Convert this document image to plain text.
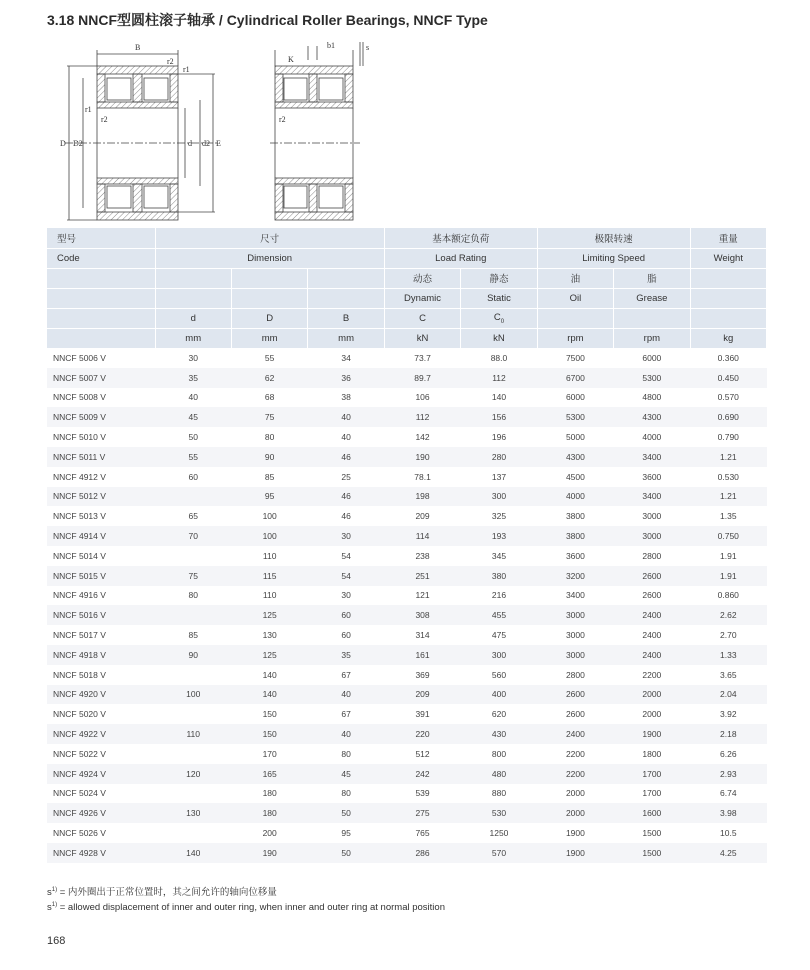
3.18 NNCF型圆柱滚子轴承 / Cylindrical Roller Bearings, NNCF Type
B
r2
r1
r1
r2
D D2	d d2 E
K
b1	s
r2
型号	尺寸			基本额定负荷		极限转速		重量
Code	Dimension			Load Rating		Limiting Speed		Weight
				动态	静态	油	脂	
				Dynamic	Static	Oil	Grease	
	d	D	B	C	$C_0$			
	mm	mm	mm	kN	kN	rpm	rpm	kg
NNCF 5006 V	30	55	34	73.7	88.0	7500	6000	0.360
NNCF 5007 V	35	62	36	89.7	112	6700	5300	0.450
NNCF 5008 V	40	68	38	106	140	6000	4800	0.570
NNCF 5009 V	45	75	40	112	156	5300	4300	0.690
NNCF 5010 V	50	80	40	142	196	5000	4000	0.790
NNCF 5011 V	55	90	46	190	280	4300	3400	1.21
NNCF 4912 V	60	85	25	78.1	137	4500	3600	0.530
NNCF 5012 V		95	46	198	300	4000	3400	1.21
NNCF 5013 V	65	100	46	209	325	3800	3000	1.35
NNCF 4914 V	70	100	30	114	193	3800	3000	0.750
NNCF 5014 V		110	54	238	345	3600	2800	1.91
NNCF 5015 V	75	115	54	251	380	3200	2600	1.91
NNCF 4916 V	80	110	30	121	216	3400	2600	0.860
NNCF 5016 V		125	60	308	455	3000	2400	2.62
NNCF 5017 V	85	130	60	314	475	3000	2400	2.70
NNCF 4918 V	90	125	35	161	300	3000	2400	1.33
NNCF 5018 V		140	67	369	560	2800	2200	3.65
NNCF 4920 V	100	140	40	209	400	2600	2000	2.04
NNCF 5020 V		150	67	391	620	2600	2000	3.92
NNCF 4922 V	110	150	40	220	430	2400	1900	2.18
NNCF 5022 V		170	80	512	800	2200	1800	6.26
NNCF 4924 V	120	165	45	242	480	2200	1700	2.93
NNCF 5024 V		180	80	539	880	2000	1700	6.74
NNCF 4926 V	130	180	50	275	530	2000	1600	3.98
NNCF 5026 V		200	95	765	1250	1900	1500	10.5
NNCF 4928 V	140	190	50	286	570	1900	1500	4.25
$s^{1)}$ = 内外圈出于正常位置时，其之间允许的轴向位移量
$s^{1)}$ = allowed displacement of inner and outer ring, when inner and outer ring at normal position
168
